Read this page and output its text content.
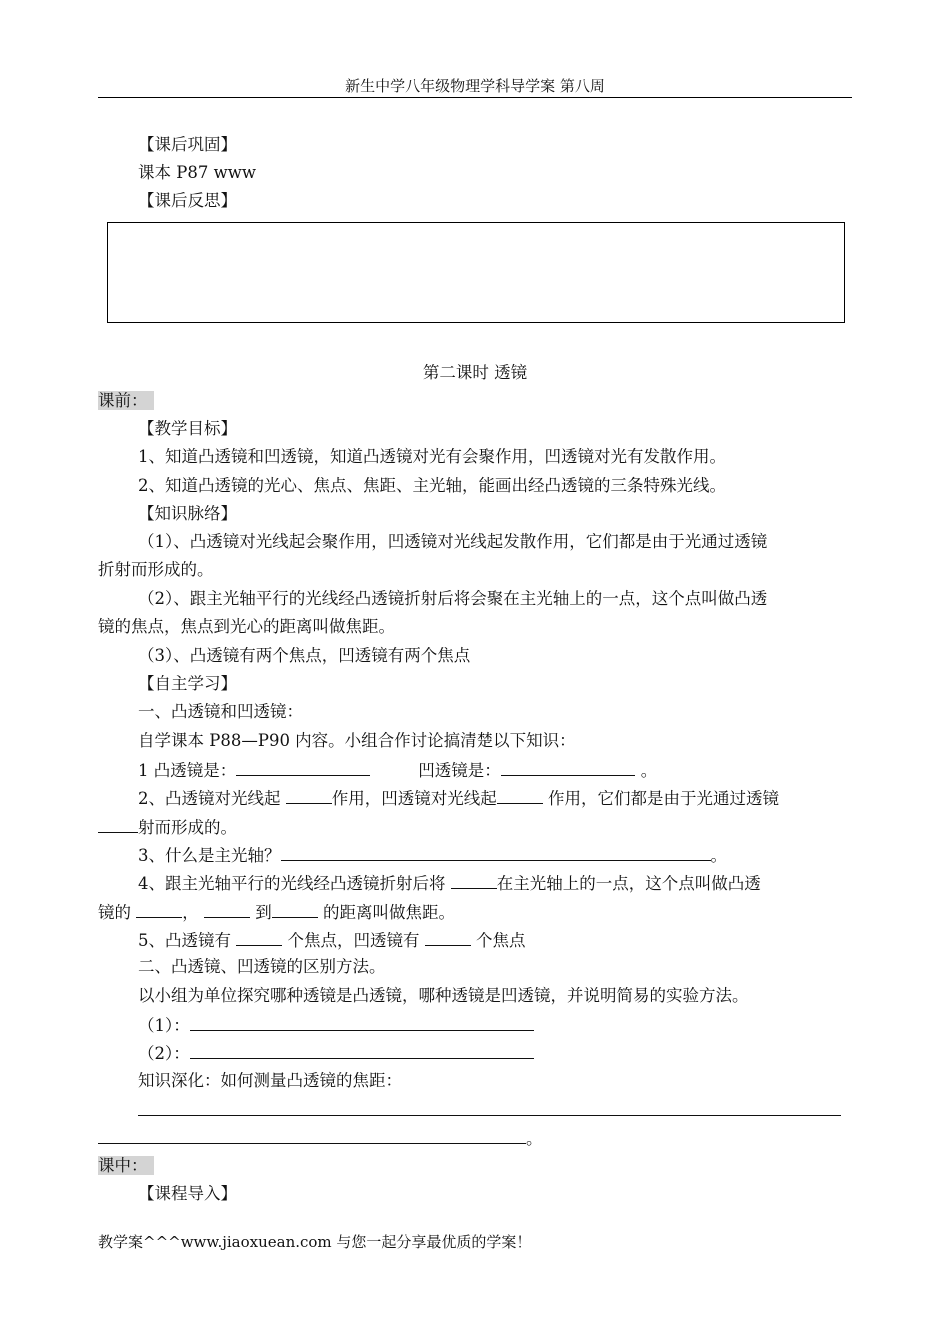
新生中学八年级物理学科导学案 第八周
【课后巩固】
课本 P87 www
【课后反思】
第二课时 透镜
课前：
【教学目标】
1、知道凸透镜和凹透镜，知道凸透镜对光有会聚作用，凹透镜对光有发散作用。
2、知道凸透镜的光心、焦点、焦距、主光轴，能画出经凸透镜的三条特殊光线。
【知识脉络】
（1）、凸透镜对光线起会聚作用，凹透镜对光线起发散作用，它们都是由于光通过透镜
折射而形成的。
（2）、跟主光轴平行的光线经凸透镜折射后将会聚在主光轴上的一点，这个点叫做凸透
镜的焦点，焦点到光心的距离叫做焦距。
（3）、凸透镜有两个焦点，凹透镜有两个焦点
【自主学习】
一、凸透镜和凹透镜：
自学课本 P88—P90 内容。小组合作讨论搞清楚以下知识：
1 凸透镜是：	凹透镜是：	。
2、凸透镜对光线起	作用，凹透镜对光线起	作用，它们都是由于光通过透镜
射而形成的。
3、什么是主光轴？	。
4、跟主光轴平行的光线经凸透镜折射后将	在主光轴上的一点，这个点叫做凸透
镜的	，	到	的距离叫做焦距。
5、凸透镜有	个焦点，凹透镜有	个焦点
二、凸透镜、凹透镜的区别方法。
以小组为单位探究哪种透镜是凸透镜，哪种透镜是凹透镜，并说明简易的实验方法。
（1）：
（2）：
知识深化：如何测量凸透镜的焦距：
。
课中：
【课程导入】
教学案^^^www.jiaoxuean.com 与您一起分享最优质的学案！
